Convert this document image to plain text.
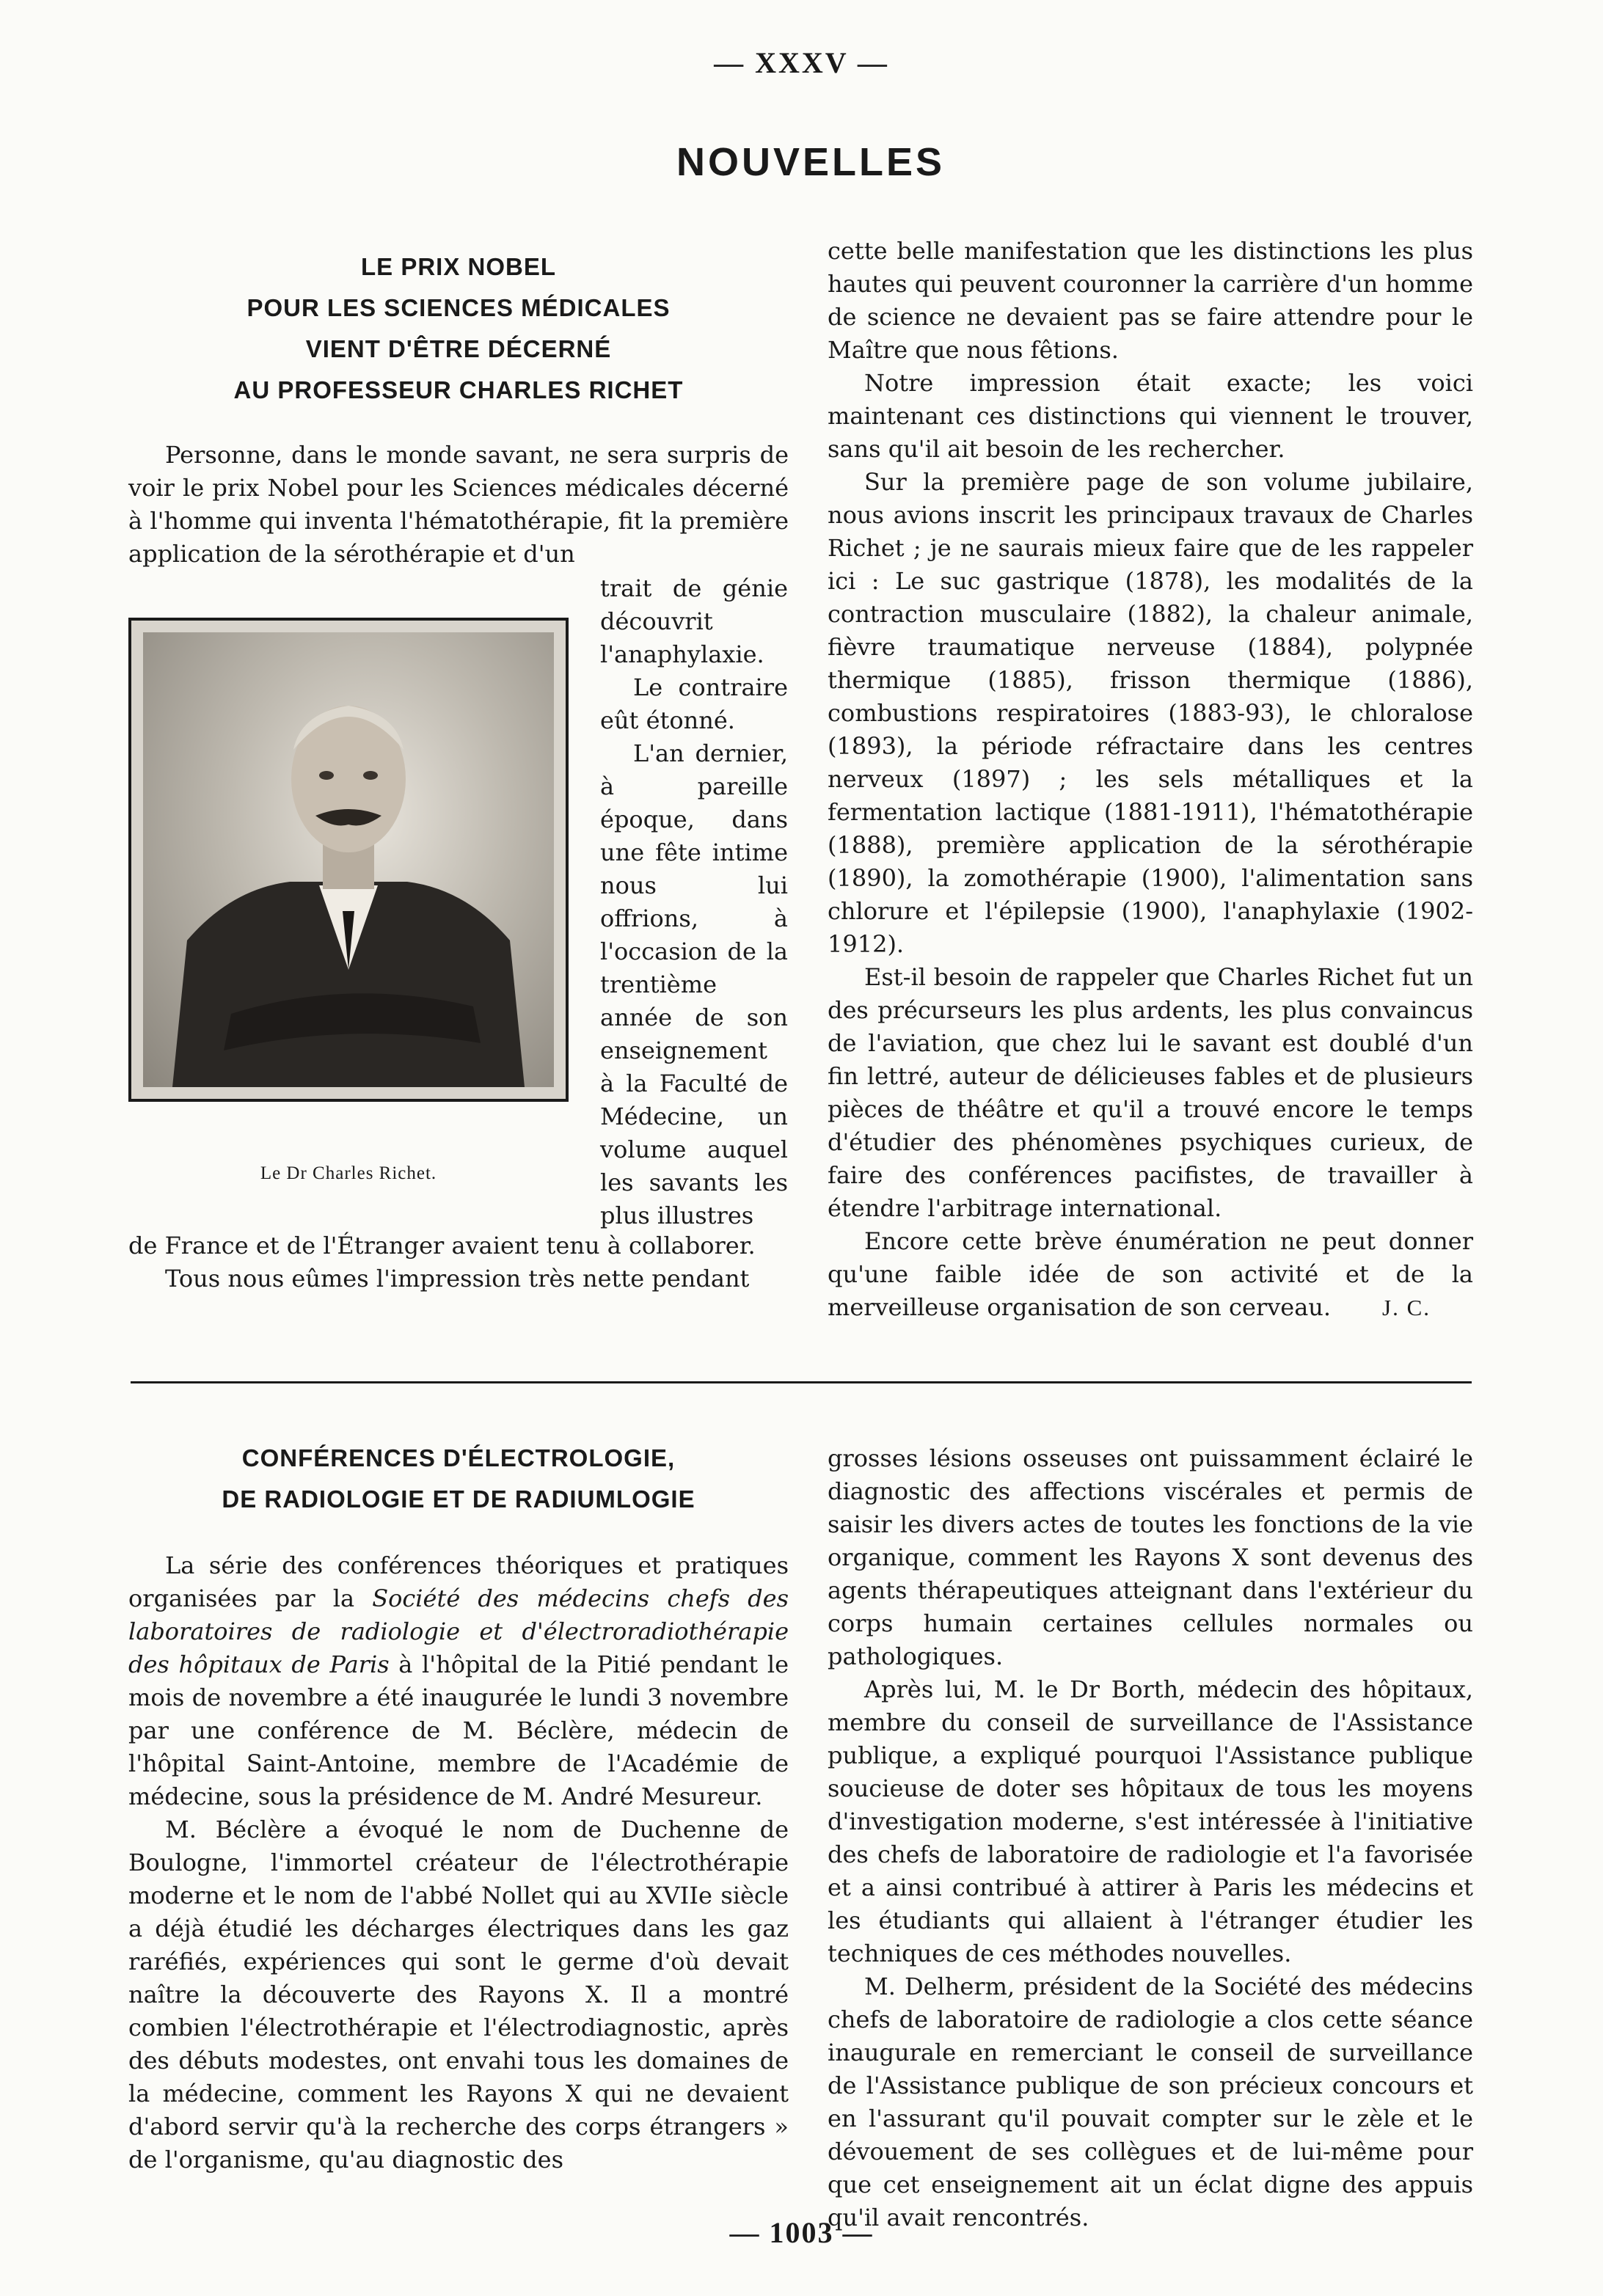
— XXXV —
NOUVELLES
LE PRIX NOBEL
POUR LES SCIENCES MÉDICALES
VIENT D'ÊTRE DÉCERNÉ
AU PROFESSEUR CHARLES RICHET

Personne, dans le monde savant, ne sera surpris de voir le prix Nobel pour les Sciences médicales décerné à l'homme qui inventa l'hématothérapie, fit la première application de la sérothérapie et d'un

Le Dr Charles Richet.

trait de génie découvrit l'anaphylaxie.

Le contraire eût étonné.

L'an dernier, à pareille époque, dans une fête intime nous lui offrions, à l'occasion de la trentième année de son enseignement à la Faculté de Médecine, un volume auquel les savants les plus illustres

de France et de l'Étranger avaient tenu à collaborer.

Tous nous eûmes l'impression très nette pendant

cette belle manifestation que les distinctions les plus hautes qui peuvent couronner la carrière d'un homme de science ne devaient pas se faire attendre pour le Maître que nous fêtions.

Notre impression était exacte; les voici maintenant ces distinctions qui viennent le trouver, sans qu'il ait besoin de les rechercher.

Sur la première page de son volume jubilaire, nous avions inscrit les principaux travaux de Charles Richet ; je ne saurais mieux faire que de les rappeler ici : Le suc gastrique (1878), les modalités de la contraction musculaire (1882), la chaleur animale, fièvre traumatique nerveuse (1884), polypnée thermique (1885), frisson thermique (1886), combustions respiratoires (1883-93), le chloralose (1893), la période réfractaire dans les centres nerveux (1897) ; les sels métalliques et la fermentation lactique (1881-1911), l'hématothérapie (1888), première application de la sérothérapie (1890), la zomothérapie (1900), l'alimentation sans chlorure et l'épilepsie (1900), l'anaphylaxie (1902-1912).

Est-il besoin de rappeler que Charles Richet fut un des précurseurs les plus ardents, les plus convaincus de l'aviation, que chez lui le savant est doublé d'un fin lettré, auteur de délicieuses fables et de plusieurs pièces de théâtre et qu'il a trouvé encore le temps d'étudier des phénomènes psychiques curieux, de faire des conférences pacifistes, de travailler à étendre l'arbitrage international.

Encore cette brève énumération ne peut donner qu'une faible idée de son activité et de la merveilleuse organisation de son cerveau.	J. C.
CONFÉRENCES D'ÉLECTROLOGIE,
DE RADIOLOGIE ET DE RADIUMLOGIE

La série des conférences théoriques et pratiques organisées par la Société des médecins chefs des laboratoires de radiologie et d'électroradiothérapie des hôpitaux de Paris à l'hôpital de la Pitié pendant le mois de novembre a été inaugurée le lundi 3 novembre par une conférence de M. Béclère, médecin de l'hôpital Saint-Antoine, membre de l'Académie de médecine, sous la présidence de M. André Mesureur.

M. Béclère a évoqué le nom de Duchenne de Boulogne, l'immortel créateur de l'électrothérapie moderne et le nom de l'abbé Nollet qui au XVIIe siècle a déjà étudié les décharges électriques dans les gaz raréfiés, expériences qui sont le germe d'où devait naître la découverte des Rayons X. Il a montré combien l'électrothérapie et l'électrodiagnostic, après des débuts modestes, ont envahi tous les domaines de la médecine, comment les Rayons X qui ne devaient d'abord servir qu'à la recherche des corps étrangers » de l'organisme, qu'au diagnostic des

grosses lésions osseuses ont puissamment éclairé le diagnostic des affections viscérales et permis de saisir les divers actes de toutes les fonctions de la vie organique, comment les Rayons X sont devenus des agents thérapeutiques atteignant dans l'extérieur du corps humain certaines cellules normales ou pathologiques.

Après lui, M. le Dr Borth, médecin des hôpitaux, membre du conseil de surveillance de l'Assistance publique, a expliqué pourquoi l'Assistance publique soucieuse de doter ses hôpitaux de tous les moyens d'investigation moderne, s'est intéressée à l'initiative des chefs de laboratoire de radiologie et l'a favorisée et a ainsi contribué à attirer à Paris les médecins et les étudiants qui allaient à l'étranger étudier les techniques de ces méthodes nouvelles.

M. Delherm, président de la Société des médecins chefs de laboratoire de radiologie a clos cette séance inaugurale en remerciant le conseil de surveillance de l'Assistance publique de son précieux concours et en l'assurant qu'il pouvait compter sur le zèle et le dévouement de ses collègues et de lui-même pour que cet enseignement ait un éclat digne des appuis qu'il avait rencontrés.

— 1003 —
